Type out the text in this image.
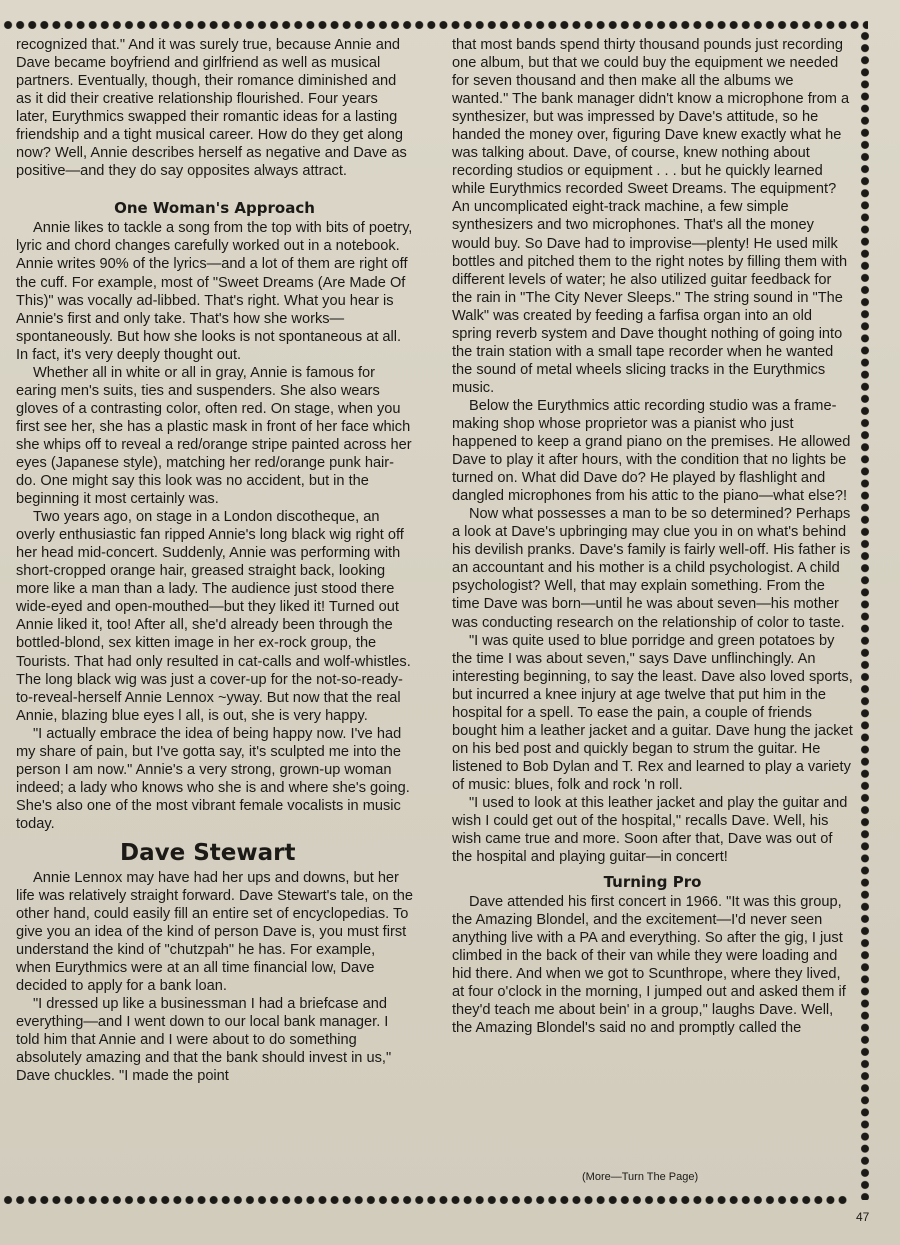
recognized that." And it was surely true, because Annie and Dave became boyfriend and girlfriend as well as musical partners. Eventually, though, their romance diminished and as it did their creative relationship flourished. Four years later, Eurythmics swapped their romantic ideas for a lasting friendship and a tight musical career. How do they get along now? Well, Annie describes herself as negative and Dave as positive—and they do say opposites always attract.

One Woman's Approach

Annie likes to tackle a song from the top with bits of poetry, lyric and chord changes carefully worked out in a notebook. Annie writes 90% of the lyrics—and a lot of them are right off the cuff. For example, most of "Sweet Dreams (Are Made Of This)" was vocally ad-libbed. That's right. What you hear is Annie's first and only take. That's how she works—spontaneously. But how she looks is not spontaneous at all. In fact, it's very deeply thought out.

Whether all in white or all in gray, Annie is famous for earing men's suits, ties and suspenders. She also wears gloves of a contrasting color, often red. On stage, when you first see her, she has a plastic mask in front of her face which she whips off to reveal a red/orange stripe painted across her eyes (Japanese style), matching her red/orange punk hair-do. One might say this look was no accident, but in the beginning it most certainly was.

Two years ago, on stage in a London discotheque, an overly enthusiastic fan ripped Annie's long black wig right off her head mid-concert. Suddenly, Annie was performing with short-cropped orange hair, greased straight back, looking more like a man than a lady. The audience just stood there wide-eyed and open-mouthed—but they liked it! Turned out Annie liked it, too! After all, she'd already been through the bottled-blond, sex kitten image in her ex-rock group, the Tourists. That had only resulted in cat-calls and wolf-whistles. The long black wig was just a cover-up for the not-so-ready-to-reveal-herself Annie Lennox ~yway. But now that the real Annie, blazing blue eyes l all, is out, she is very happy.

"I actually embrace the idea of being happy now. I've had my share of pain, but I've gotta say, it's sculpted me into the person I am now." Annie's a very strong, grown-up woman indeed; a lady who knows who she is and where she's going. She's also one of the most vibrant female vocalists in music today.

Dave Stewart

Annie Lennox may have had her ups and downs, but her life was relatively straight forward. Dave Stewart's tale, on the other hand, could easily fill an entire set of encyclopedias. To give you an idea of the kind of person Dave is, you must first understand the kind of "chutzpah" he has. For example, when Eurythmics were at an all time financial low, Dave decided to apply for a bank loan.

"I dressed up like a businessman I had a briefcase and everything—and I went down to our local bank manager. I told him that Annie and I were about to do something absolutely amazing and that the bank should invest in us," Dave chuckles. "I made the point

that most bands spend thirty thousand pounds just recording one album, but that we could buy the equipment we needed for seven thousand and then make all the albums we wanted." The bank manager didn't know a microphone from a synthesizer, but was impressed by Dave's attitude, so he handed the money over, figuring Dave knew exactly what he was talking about. Dave, of course, knew nothing about recording studios or equipment . . . but he quickly learned while Eurythmics recorded Sweet Dreams. The equipment? An uncomplicated eight-track machine, a few simple synthesizers and two microphones. That's all the money would buy. So Dave had to improvise—plenty! He used milk bottles and pitched them to the right notes by filling them with different levels of water; he also utilized guitar feedback for the rain in "The City Never Sleeps." The string sound in "The Walk" was created by feeding a farfisa organ into an old spring reverb system and Dave thought nothing of going into the train station with a small tape recorder when he wanted the sound of metal wheels slicing tracks in the Eurythmics music.

Below the Eurythmics attic recording studio was a frame-making shop whose proprietor was a pianist who just happened to keep a grand piano on the premises. He allowed Dave to play it after hours, with the condition that no lights be turned on. What did Dave do? He played by flashlight and dangled microphones from his attic to the piano—what else?!

Now what possesses a man to be so determined? Perhaps a look at Dave's upbringing may clue you in on what's behind his devilish pranks. Dave's family is fairly well-off. His father is an accountant and his mother is a child psychologist. A child psychologist? Well, that may explain something. From the time Dave was born—until he was about seven—his mother was conducting research on the relationship of color to taste.

"I was quite used to blue porridge and green potatoes by the time I was about seven," says Dave unflinchingly. An interesting beginning, to say the least. Dave also loved sports, but incurred a knee injury at age twelve that put him in the hospital for a spell. To ease the pain, a couple of friends bought him a leather jacket and a guitar. Dave hung the jacket on his bed post and quickly began to strum the guitar. He listened to Bob Dylan and T. Rex and learned to play a variety of music: blues, folk and rock 'n roll.

"I used to look at this leather jacket and play the guitar and wish I could get out of the hospital," recalls Dave. Well, his wish came true and more. Soon after that, Dave was out of the hospital and playing guitar—in concert!

Turning Pro

Dave attended his first concert in 1966. "It was this group, the Amazing Blondel, and the excitement—I'd never seen anything live with a PA and everything. So after the gig, I just climbed in the back of their van while they were loading and hid there. And when we got to Scunthrope, where they lived, at four o'clock in the morning, I jumped out and asked them if they'd teach me about bein' in a group," laughs Dave. Well, the Amazing Blondel's said no and promptly called the

(More—Turn The Page)
47
